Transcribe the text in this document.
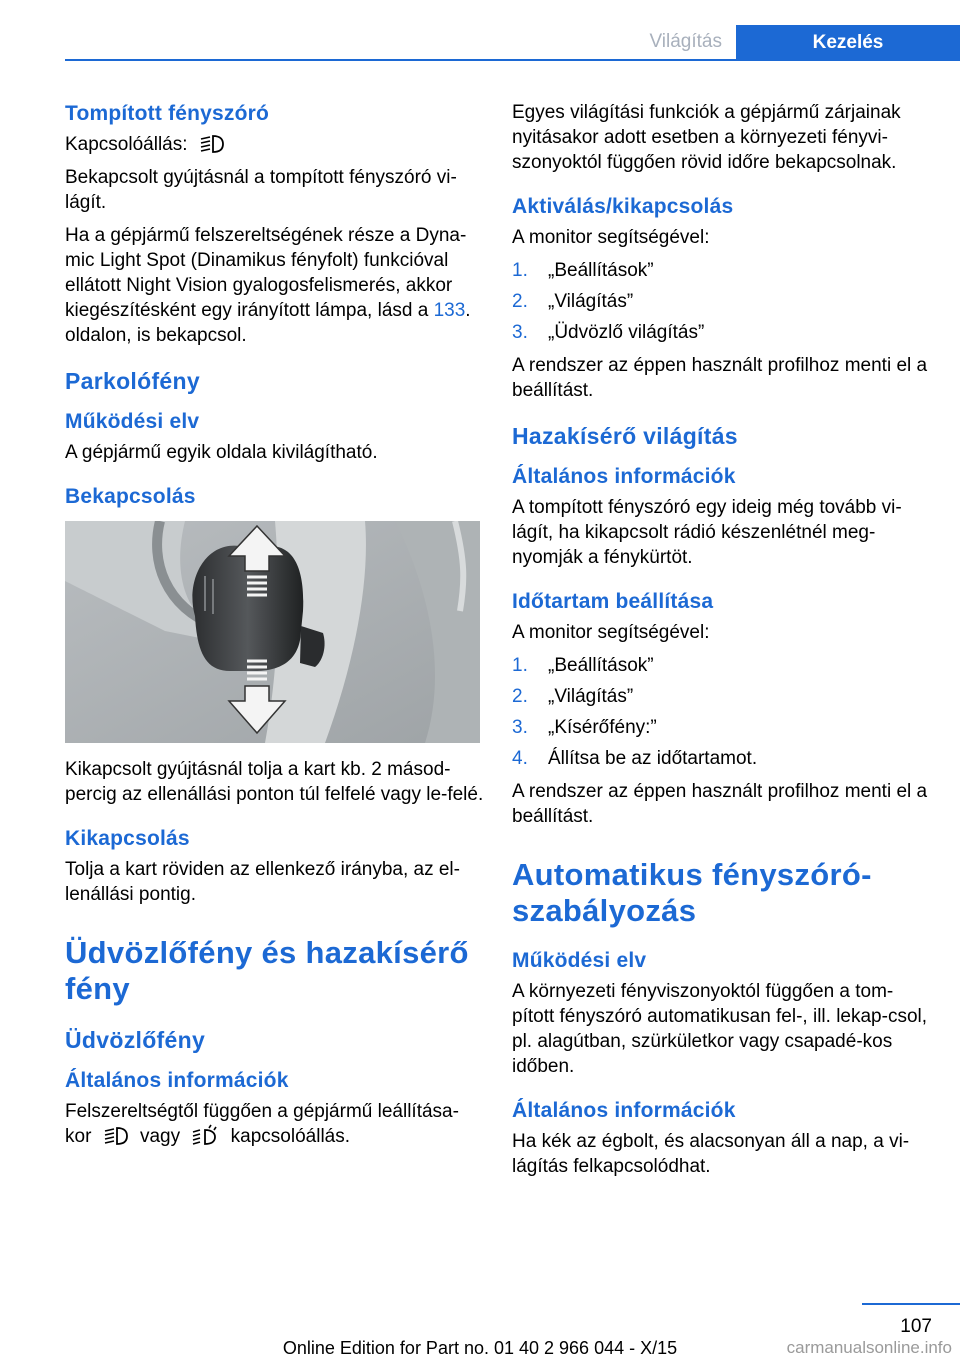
Világítás	Kezelés
Tompított fényszóró

Kapcsolóállás:

Bekapcsolt gyújtásnál a tompított fényszóró vi-lágít.

Ha a gépjármű felszereltségének része a Dyna-mic Light Spot (Dinamikus fényfolt) funkcióval ellátott Night Vision gyalogosfelismerés, akkor kiegészítésként egy irányított lámpa, lásd a 133. oldalon, is bekapcsol.

Parkolófény
Működési elv

A gépjármű egyik oldala kivilágítható.

Bekapcsolás

Kikapcsolt gyújtásnál tolja a kart kb. 2 másod-percig az ellenállási ponton túl felfelé vagy le-felé.

Kikapcsolás

Tolja a kart röviden az ellenkező irányba, az el-lenállási pontig.

Üdvözlőfény és hazakísérő fény
Üdvözlőfény
Általános információk

Felszereltségtől függően a gépjármű leállítása-kor	vagy	kapcsolóállás.

Egyes világítási funkciók a gépjármű zárjainak nyitásakor adott esetben a környezeti fényvi-szonyoktól függően rövid időre bekapcsolnak.

Aktiválás/kikapcsolás

A monitor segítségével:

1. „Beállítások”
2. „Világítás”
3. „Üdvözlő világítás”

A rendszer az éppen használt profilhoz menti el a beállítást.

Hazakísérő világítás
Általános információk

A tompított fényszóró egy ideig még tovább vi-lágít, ha kikapcsolt rádió készenlétnél meg-nyomják a fénykürtöt.

Időtartam beállítása

A monitor segítségével:

1. „Beállítások”
2. „Világítás”
3. „Kísérőfény:”
4. Állítsa be az időtartamot.

A rendszer az éppen használt profilhoz menti el a beállítást.

Automatikus fényszóró-szabályozás
Működési elv

A környezeti fényviszonyoktól függően a tom-pított fényszóró automatikusan fel-, ill. lekap-csol, pl. alagútban, szürkületkor vagy csapadé-kos időben.

Általános információk

Ha kék az égbolt, és alacsonyan áll a nap, a vi-lágítás felkapcsolódhat.

107
Online Edition for Part no. 01 40 2 966 044 - X/15	carmanualsonline.info
